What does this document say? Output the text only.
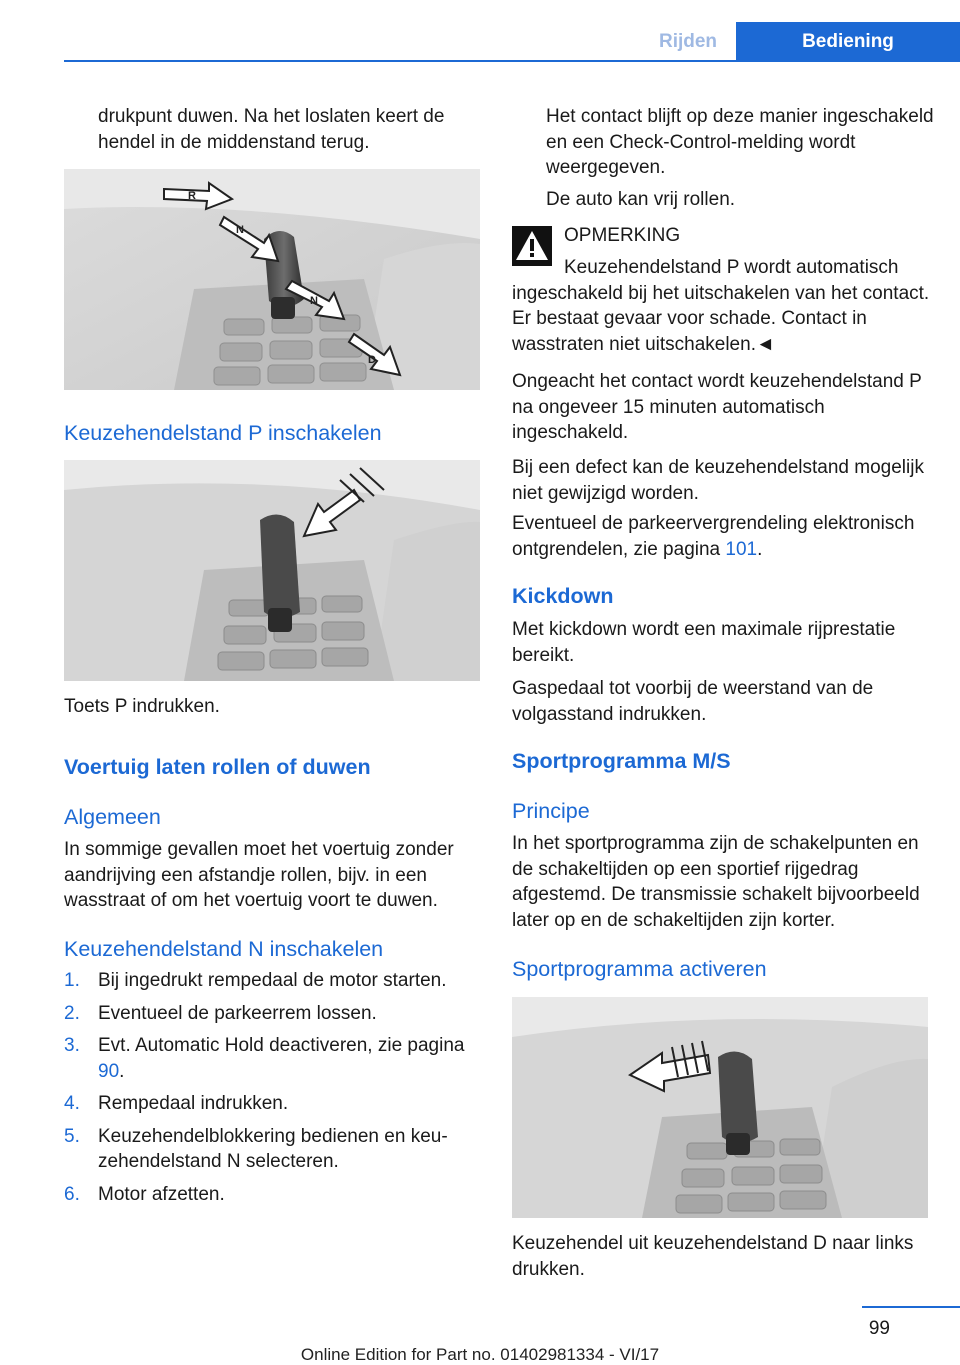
Rijden	Bediening

drukpunt duwen. Na het loslaten keert de hendel in de middenstand terug.

R
N
N
D
Keuzehendelstand P inschakelen

Toets P indrukken.

Voertuig laten rollen of duwen
Algemeen

In sommige gevallen moet het voertuig zonder aandrijving een afstandje rollen, bijv. in een wasstraat of om het voertuig voort te duwen.

Keuzehendelstand N inschakelen
1. Bij ingedrukt rempedaal de motor starten.
2. Eventueel de parkeerrem lossen.
3. Evt. Automatic Hold deactiveren, zie pagina 90.
4. Rempedaal indrukken.
5. Keuzehendelblokkering bedienen en keuzehendelstand N selecteren.
6. Motor afzetten.

Het contact blijft op deze manier ingeschakeld en een Check-Control-melding wordt weergegeven.

De auto kan vrij rollen.

OPMERKING

Keuzehendelstand P wordt automatisch ingeschakeld bij het uitschakelen van het contact. Er bestaat gevaar voor schade. Contact in wasstraten niet uitschakelen.◄

Ongeacht het contact wordt keuzehendelstand P na ongeveer 15 minuten automatisch ingeschakeld.

Bij een defect kan de keuzehendelstand mogelijk niet gewijzigd worden.

Eventueel de parkeervergrendeling elektronisch ontgrendelen, zie pagina 101.

Kickdown

Met kickdown wordt een maximale rijprestatie bereikt.

Gaspedaal tot voorbij de weerstand van de volgasstand indrukken.

Sportprogramma M/S
Principe

In het sportprogramma zijn de schakelpunten en de schakeltijden op een sportief rijgedrag afgestemd. De transmissie schakelt bijvoorbeeld later op en de schakeltijden zijn korter.

Sportprogramma activeren

Keuzehendel uit keuzehendelstand D naar links drukken.

99
Online Edition for Part no. 01402981334 - VI/17
